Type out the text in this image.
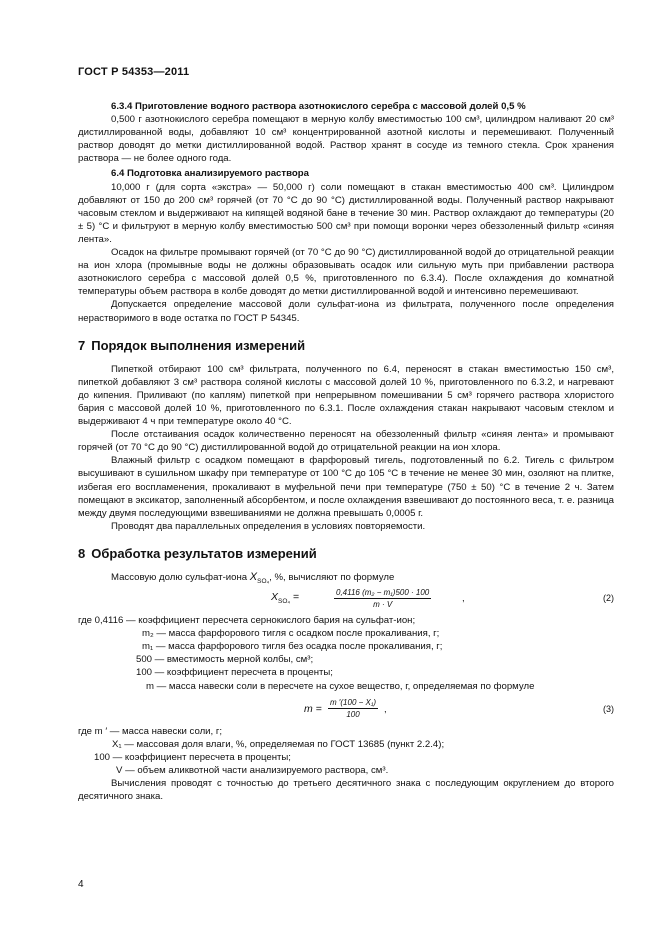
ГОСТ Р 54353—2011
6.3.4 Приготовление водного раствора азотнокислого серебра с массовой долей 0,5 %

0,500 г азотнокислого серебра помещают в мерную колбу вместимостью 100 см³, цилиндром наливают 20 см³ дистиллированной воды, добавляют 10 см³ концентрированной азотной кислоты и перемешивают. Полученный раствор доводят до метки дистиллированной водой. Раствор хранят в сосуде из темного стекла. Срок хранения раствора — не более одного года.

6.4 Подготовка анализируемого раствора

10,000 г (для сорта «экстра» — 50,000 г) соли помещают в стакан вместимостью 400 см³. Цилиндром добавляют от 150 до 200 см³ горячей (от 70 °С до 90 °С) дистиллированной воды. Полученный раствор накрывают часовым стеклом и выдерживают на кипящей водяной бане в течение 30 мин. Раствор охлаждают до температуры (20 ± 5) °С и фильтруют в мерную колбу вместимостью 500 см³ при помощи воронки через обеззоленный фильтр «синяя лента».

Осадок на фильтре промывают горячей (от 70 °С до 90 °С) дистиллированной водой до отрицательной реакции на ион хлора (промывные воды не должны образовывать осадок или сильную муть при прибавлении раствора азотнокислого серебра с массовой долей 0,5 %, приготовленного по 6.3.4). После охлаждения до комнатной температуры объем раствора в колбе доводят до метки дистиллированной водой и интенсивно перемешивают.

Допускается определение массовой доли сульфат-иона из фильтрата, полученного после определения нерастворимого в воде остатка по ГОСТ Р 54345.

7 Порядок выполнения измерений

Пипеткой отбирают 100 см³ фильтрата, полученного по 6.4, переносят в стакан вместимостью 150 см³, пипеткой добавляют 3 см³ раствора соляной кислоты с массовой долей 10 %, приготовленного по 6.3.2, и нагревают до кипения. Приливают (по каплям) пипеткой при непрерывном помешивании 5 см³ горячего раствора хлористого бария с массовой долей 10 %, приготовленного по 6.3.1. После охлаждения стакан накрывают часовым стеклом и выдерживают 4 ч при температуре около 40 °С.

После отстаивания осадок количественно переносят на обеззоленный фильтр «синяя лента» и промывают горячей (от 70 °С до 90 °С) дистиллированной водой до отрицательной реакции на ион хлора.

Влажный фильтр с осадком помещают в фарфоровый тигель, подготовленный по 6.2. Тигель с фильтром высушивают в сушильном шкафу при температуре от 100 °С до 105 °С в течение не менее 30 мин, озоляют на плитке, избегая его воспламенения, прокаливают в муфельной печи при температуре (750 ± 50) °С в течение 2 ч. Затем помещают в эксикатор, заполненный абсорбентом, и после охлаждения взвешивают до постоянного веса, т. е. разница между двумя последующими взвешиваниями не должна превышать 0,0005 г.

Проводят два параллельных определения в условиях повторяемости.

8 Обработка результатов измерений

Массовую долю сульфат-иона $X_{SO_4}$, %, вычисляют по формуле

$X_{SO_4}$ =	$\frac{\text{0,4116 (m₂ − m₁)500 · 100}}{m \cdot V}$	,	(2)
где 0,4116 — коэффициент пересчета сернокислого бария на сульфат-ион;
m₂ — масса фарфорового тигля с осадком после прокаливания, г;
m₁ — масса фарфорового тигля без осадка после прокаливания, г;
500 — вместимость мерной колбы, см³;
100 — коэффициент пересчета в проценты;
m — масса навески соли в пересчете на сухое вещество, г, определяемая по формуле
$m = \frac{\text{m ′(100 − X₁)}}{100}$ ,	(3)
где m ′ — масса навески соли, г;
X₁ — массовая доля влаги, %, определяемая по ГОСТ 13685 (пункт 2.2.4);
100 — коэффициент пересчета в проценты;
V — объем аликвотной части анализируемого раствора, см³.

Вычисления проводят с точностью до третьего десятичного знака с последующим округлением до второго десятичного знака.

4
